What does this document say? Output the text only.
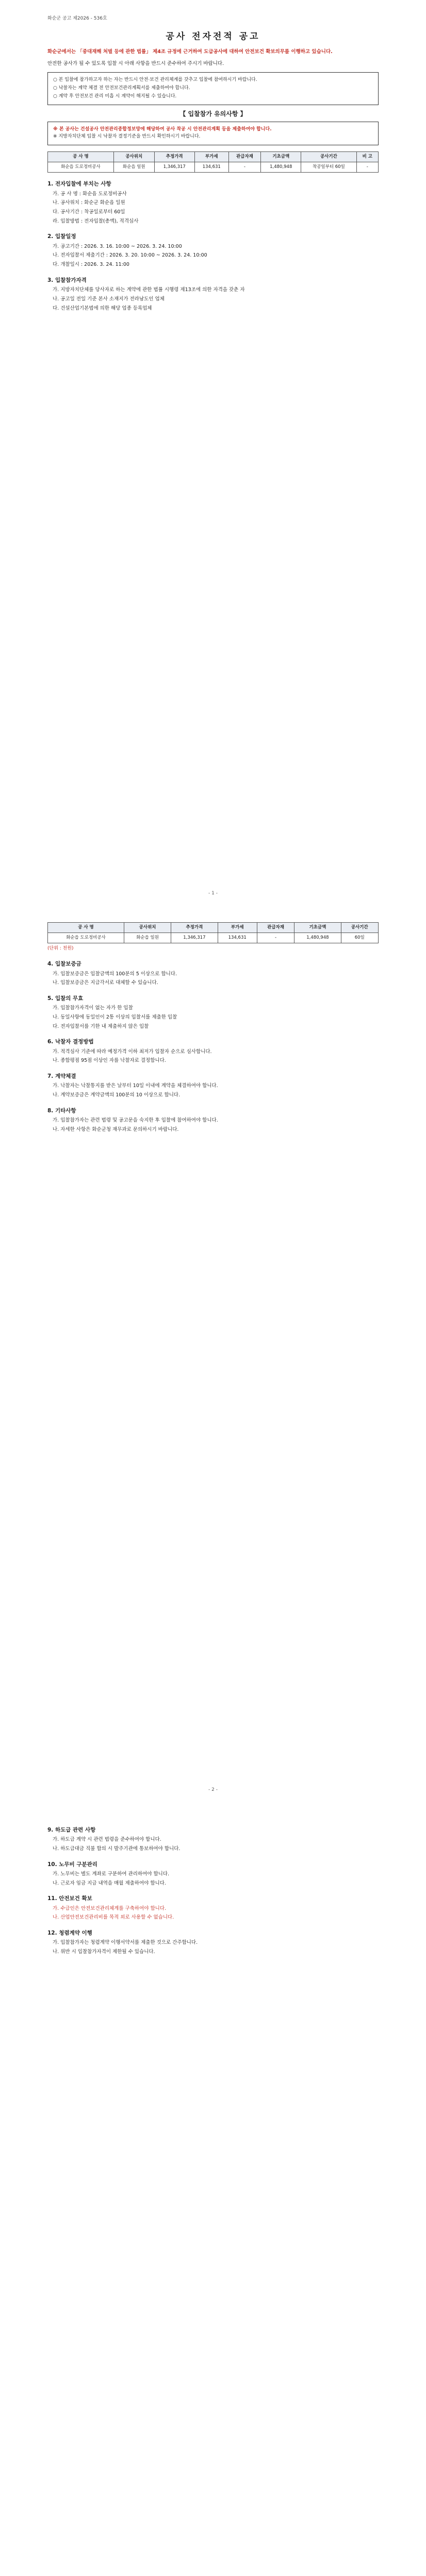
화순군 공고 제2026 - 536호
공사 전자전적 공고
화순군에서는 「중대재해 처벌 등에 관한 법률」 제4조 규정에 근거하여 도급공사에 대하여 안전보건 확보의무를 이행하고 있습니다.
안전한 공사가 될 수 있도록 입찰 시 아래 사항을 반드시 준수하여 주시기 바랍니다.
○ 본 입찰에 참가하고자 하는 자는 반드시 안전·보건 관리체계를 갖추고 입찰에 참여하시기 바랍니다.
○ 낙찰자는 계약 체결 전 안전보건관리계획서를 제출하여야 합니다.
○ 계약 후 안전보건 관리 미흡 시 계약이 해지될 수 있습니다.
【 입찰참가 유의사항 】
※ 본 공사는 건설공사 안전관리종합정보망에 해당하여 공사 착공 시 안전관리계획 등을 제출하여야 합니다.
※ 지방자치단체 입찰 시 낙찰자 결정기준을 반드시 확인하시기 바랍니다.
공 사 명	공사위치	추정가격	부가세	관급자재	기초금액	공사기간	비 고
화순읍 도로정비공사	화순읍 일원	1,346,317	134,631	-	1,480,948	착공일부터 60일	-
1. 전자입찰에 부치는 사항
가. 공 사 명 : 화순읍 도로정비공사
나. 공사위치 : 화순군 화순읍 일원
다. 공사기간 : 착공일로부터 60일
라. 입찰방법 : 전자입찰(총액), 적격심사
2. 입찰일정
가. 공고기간 : 2026. 3. 16. 10:00 ~ 2026. 3. 24. 10:00
나. 전자입찰서 제출기간 : 2026. 3. 20. 10:00 ~ 2026. 3. 24. 10:00
다. 개찰일시 : 2026. 3. 24. 11:00
3. 입찰참가자격
가. 지방자치단체를 당사자로 하는 계약에 관한 법률 시행령 제13조에 의한 자격을 갖춘 자
나. 공고일 전일 기준 본사 소재지가 전라남도인 업체
다. 건설산업기본법에 의한 해당 업종 등록업체
- 1 -
공 사 명	공사위치	추정가격	부가세	관급자재	기초금액	공사기간
화순읍 도로정비공사	화순읍 일원	1,346,317	134,631	-	1,480,948	60일
(단위 : 천원)
4. 입찰보증금
가. 입찰보증금은 입찰금액의 100분의 5 이상으로 합니다.
나. 입찰보증금은 지급각서로 대체할 수 있습니다.
5. 입찰의 무효
가. 입찰참가자격이 없는 자가 한 입찰
나. 동일사항에 동일인이 2통 이상의 입찰서를 제출한 입찰
다. 전자입찰서를 기한 내 제출하지 않은 입찰
6. 낙찰자 결정방법
가. 적격심사 기준에 따라 예정가격 이하 최저가 입찰자 순으로 심사합니다.
나. 종합평점 95점 이상인 자를 낙찰자로 결정합니다.
7. 계약체결
가. 낙찰자는 낙찰통지를 받은 날부터 10일 이내에 계약을 체결하여야 합니다.
나. 계약보증금은 계약금액의 100분의 10 이상으로 합니다.
8. 기타사항
가. 입찰참가자는 관련 법령 및 공고문을 숙지한 후 입찰에 참여하여야 합니다.
나. 자세한 사항은 화순군청 재무과로 문의하시기 바랍니다.
- 2 -
9. 하도급 관련 사항
가. 하도급 계약 시 관련 법령을 준수하여야 합니다.
나. 하도급대금 직불 합의 시 발주기관에 통보하여야 합니다.
10. 노무비 구분관리
가. 노무비는 별도 계좌로 구분하여 관리하여야 합니다.
나. 근로자 임금 지급 내역을 매월 제출하여야 합니다.
11. 안전보건 확보
가. 수급인은 안전보건관리체계를 구축하여야 합니다.
나. 산업안전보건관리비를 목적 외로 사용할 수 없습니다.
12. 청렴계약 이행
가. 입찰참가자는 청렴계약 이행서약서를 제출한 것으로 간주합니다.
나. 위반 시 입찰참가자격이 제한될 수 있습니다.
